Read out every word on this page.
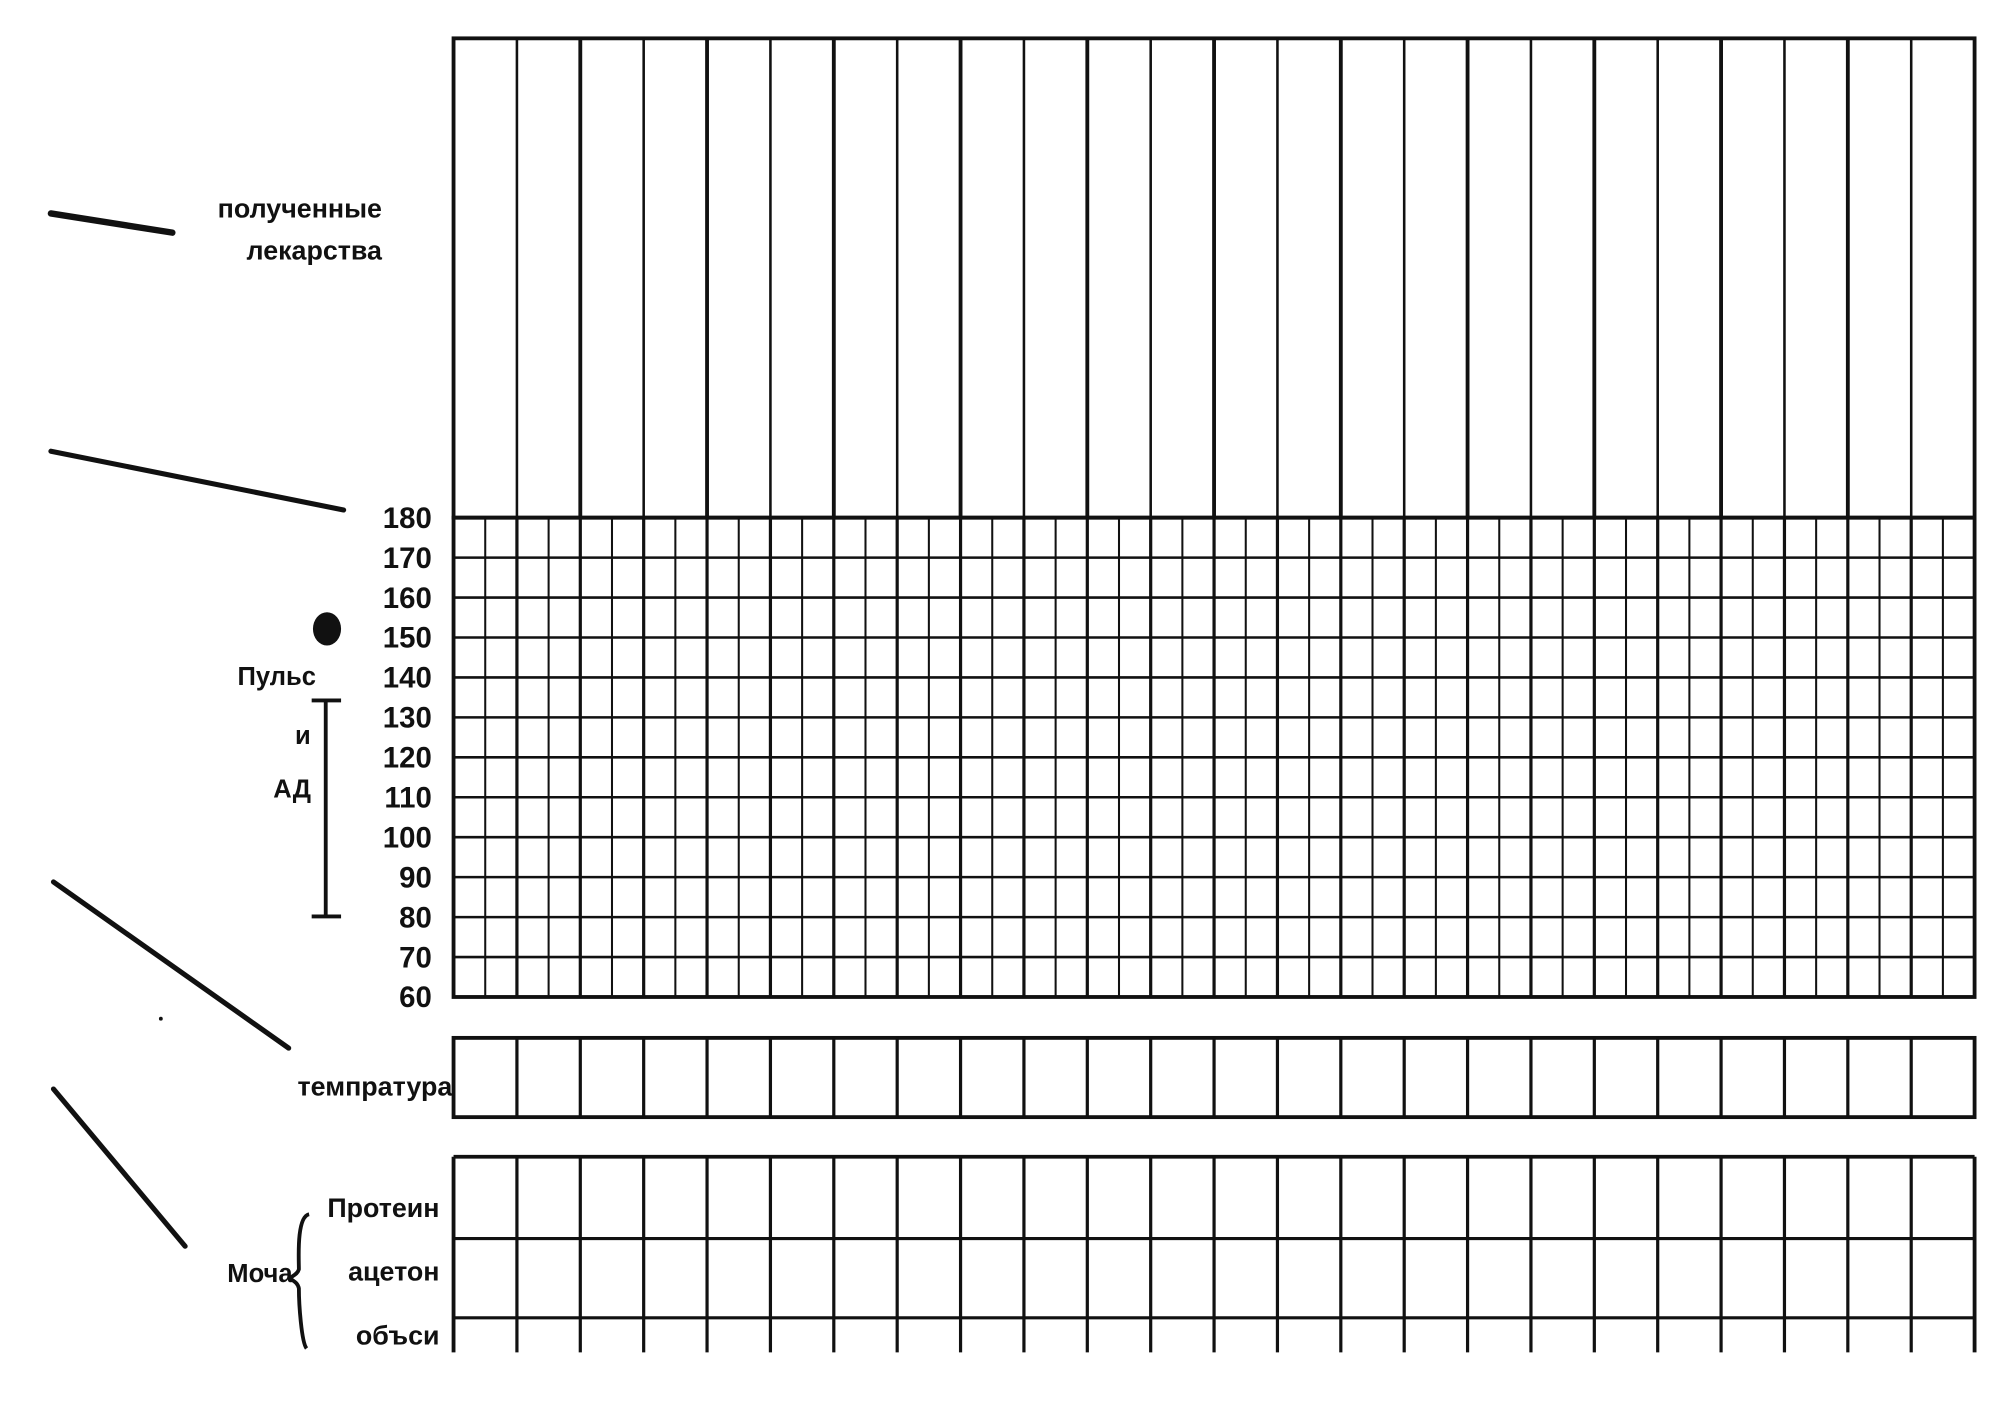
полученные
лекарства
Пульс
и
АД
180
170
160
150
140
130
120
110
100
90
80
70
60
темпратура
Моча
Протеин
ацетон
объси
